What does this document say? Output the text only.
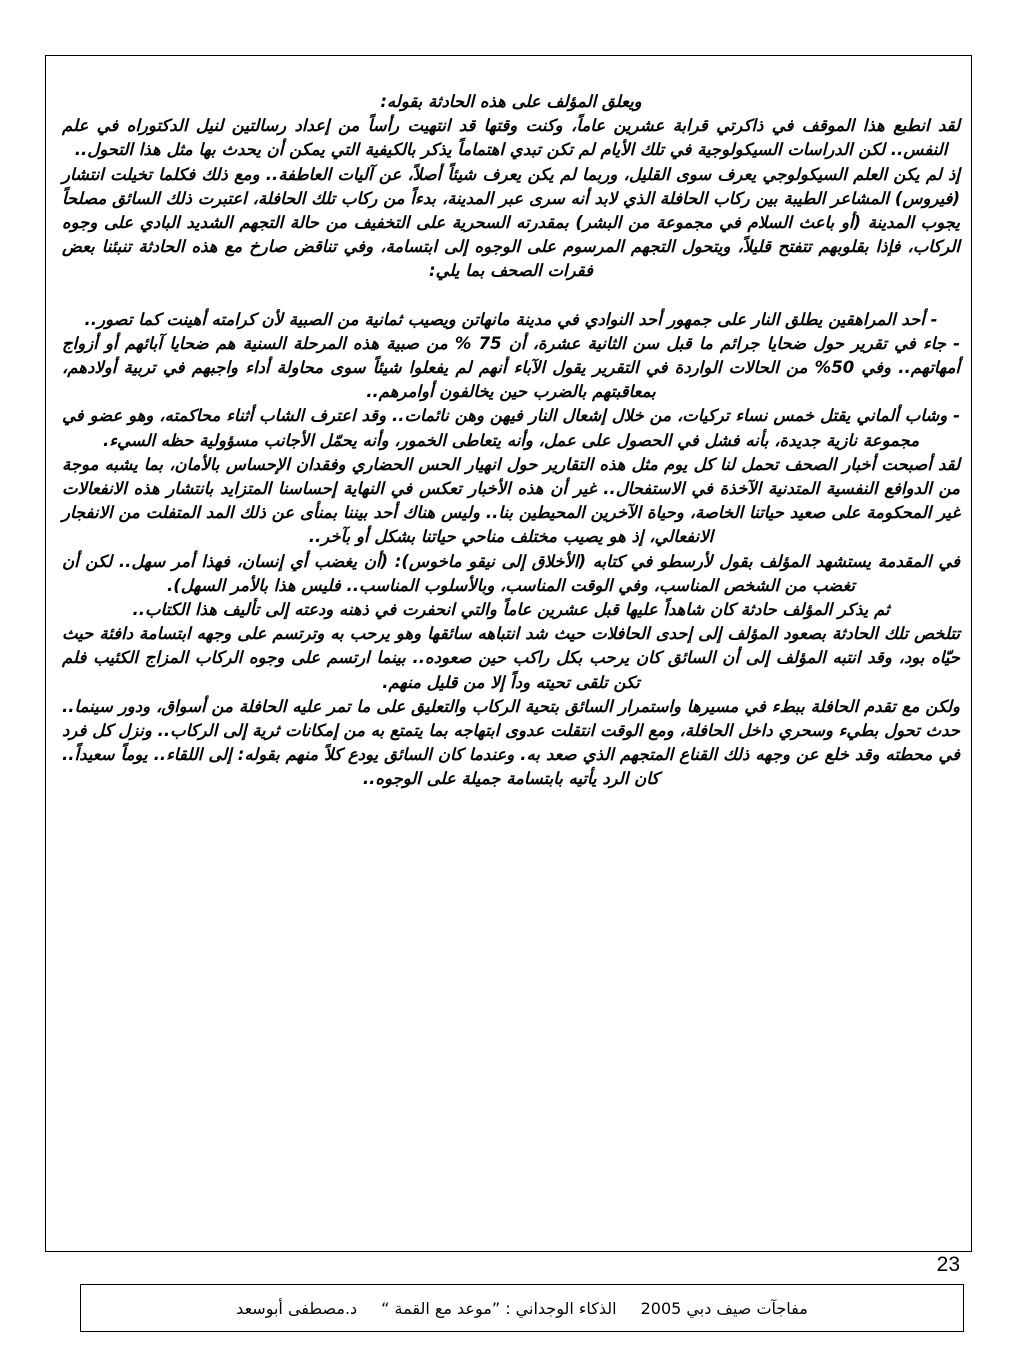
ويعلق المؤلف على هذه الحادثة بقوله:

لقد انطبع هذا الموقف في ذاكرتي قرابة عشرين عاماً، وكنت وقتها قد انتهيت رأساً من إعداد رسالتين لنيل الدكتوراه في علم النفس.. لكن الدراسات السيكولوجية في تلك الأيام لم تكن تبدي اهتماماً يذكر بالكيفية التي يمكن أن يحدث بها مثل هذا التحول..

إذ لم يكن العلم السيكولوجي يعرف سوى القليل، وربما لم يكن يعرف شيئاً أصلاً، عن آليات العاطفة.. ومع ذلك فكلما تخيلت انتشار (فيروس) المشاعر الطيبة بين ركاب الحافلة الذي لابد أنه سرى عبر المدينة، بدءاً من ركاب تلك الحافلة، اعتبرت ذلك السائق مصلحاً يجوب المدينة (أو باعث السلام في مجموعة من البشر) بمقدرته السحرية على التخفيف من حالة التجهم الشديد البادي على وجوه الركاب، فإذا بقلوبهم تتفتح قليلاً، ويتحول التجهم المرسوم على الوجوه إلى ابتسامة، وفي تناقض صارخ مع هذه الحادثة تنبئنا بعض فقرات الصحف بما يلي:

- أحد المراهقين يطلق النار على جمهور أحد النوادي في مدينة مانهاتن ويصيب ثمانية من الصبية لأن كرامته أهينت كما تصور..

- جاء في تقرير حول ضحايا جرائم ما قبل سن الثانية عشرة، أن 75 % من صبية هذه المرحلة السنية هم ضحايا آبائهم أو أزواج أمهاتهم.. وفي 50% من الحالات الواردة في التقرير يقول الآباء أنهم لم يفعلوا شيئاً سوى محاولة أداء واجبهم في تربية أولادهم، بمعاقبتهم بالضرب حين يخالفون أوامرهم..

- وشاب ألماني يقتل خمس نساء تركيات، من خلال إشعال النار فيهن وهن نائمات.. وقد اعترف الشاب أثناء محاكمته، وهو عضو في مجموعة نازية جديدة، بأنه فشل في الحصول على عمل، وأنه يتعاطى الخمور، وأنه يحمّل الأجانب مسؤولية حظه السيء.

لقد أصبحت أخبار الصحف تحمل لنا كل يوم مثل هذه التقارير حول انهيار الحس الحضاري وفقدان الإحساس بالأمان، بما يشبه موجة من الدوافع النفسية المتدنية الآخذة في الاستفحال.. غير أن هذه الأخبار تعكس في النهاية إحساسنا المتزايد بانتشار هذه الانفعالات غير المحكومة على صعيد حياتنا الخاصة، وحياة الآخرين المحيطين بنا.. وليس هناك أحد بيننا بمنأى عن ذلك المد المتفلت من الانفجار الانفعالي، إذ هو يصيب مختلف مناحي حياتنا بشكل أو بآخر..

في المقدمة يستشهد المؤلف بقول لأرسطو في كتابه (الأخلاق إلى نيقو ماخوس): (أن يغضب أي إنسان، فهذا أمر سهل.. لكن أن تغضب من الشخص المناسب، وفي الوقت المناسب، وبالأسلوب المناسب.. فليس هذا بالأمر السهل).

ثم يذكر المؤلف حادثة كان شاهداً عليها قبل عشرين عاماً والتي انحفرت في ذهنه ودعته إلى تأليف هذا الكتاب..

تتلخص تلك الحادثة بصعود المؤلف إلى إحدى الحافلات حيث شد انتباهه سائقها وهو يرحب به وترتسم على وجهه ابتسامة دافئة حيث حيّاه بود، وقد انتبه المؤلف إلى أن السائق كان يرحب بكل راكب حين صعوده.. بينما ارتسم على وجوه الركاب المزاج الكئيب فلم تكن تلقى تحيته وداً إلا من قليل منهم.

ولكن مع تقدم الحافلة ببطء في مسيرها واستمرار السائق بتحية الركاب والتعليق على ما تمر عليه الحافلة من أسواق، ودور سينما.. حدث تحول بطيء وسحري داخل الحافلة، ومع الوقت انتقلت عدوى ابتهاجه بما يتمتع به من إمكانات ثرية إلى الركاب.. ونزل كل فرد في محطته وقد خلع عن وجهه ذلك القناع المتجهم الذي صعد به. وعندما كان السائق يودع كلاً منهم بقوله: إلى اللقاء.. يوماً سعيداً.. كان الرد يأتيه بابتسامة جميلة على الوجوه..

23
مفاجآت صيف دبي 2005
الذكاء الوجداني : ”موعد مع القمة “
د.مصطفى أبوسعد
